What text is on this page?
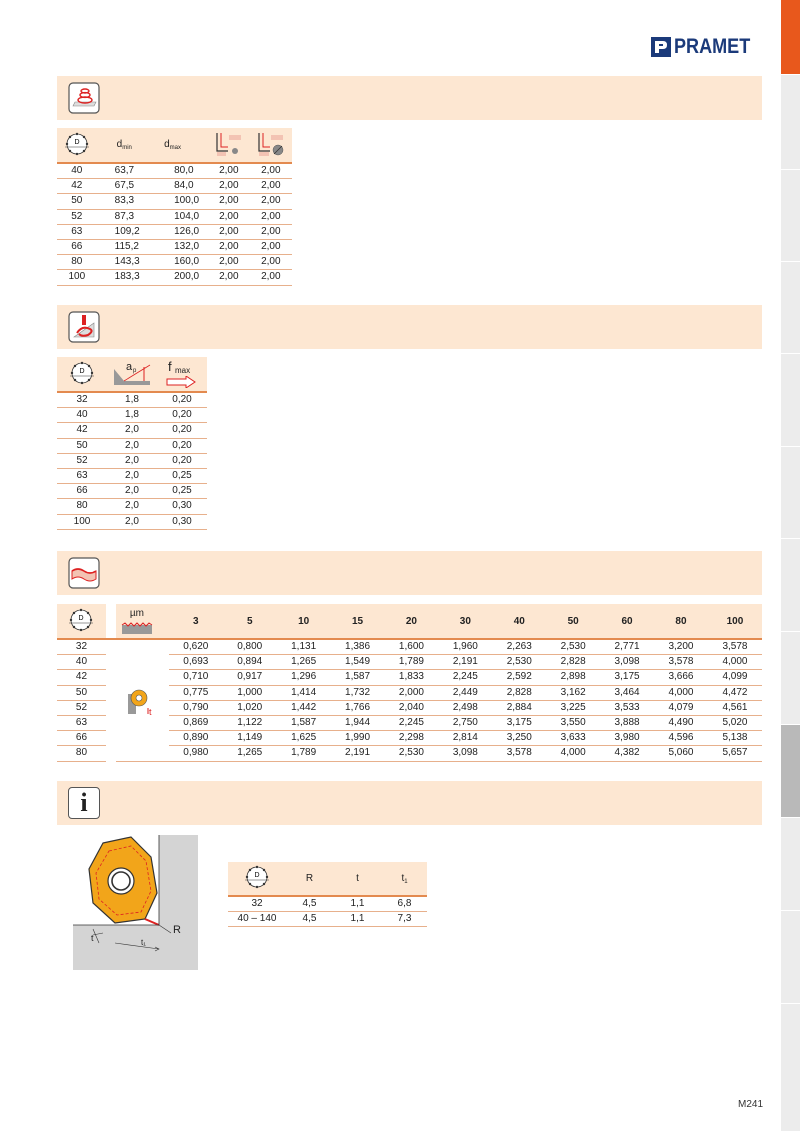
PRAMET
D	$d_{min}$	$d_{max}$		
40	63,7	80,0	2,00	2,00
42	67,5	84,0	2,00	2,00
50	83,3	100,0	2,00	2,00
52	87,3	104,0	2,00	2,00
63	109,2	126,0	2,00	2,00
66	115,2	132,0	2,00	2,00
80	143,3	160,0	2,00	2,00
100	183,3	200,0	2,00	2,00
D	a p	f max

32	1,8	0,20
40	1,8	0,20
42	2,0	0,20
50	2,0	0,20
52	2,0	0,20
63	2,0	0,25
66	2,0	0,25
80	2,0	0,30
100	2,0	0,30
D		µm	3	5	10	15	20	30	40	50	60	80	100
32			0,620	0,800	1,131	1,386	1,600	1,960	2,263	2,530	2,771	3,200	3,578
40			0,693	0,894	1,265	1,549	1,789	2,191	2,530	2,828	3,098	3,578	4,000
42			0,710	0,917	1,296	1,587	1,833	2,245	2,592	2,898	3,175	3,666	4,099
50			0,775	1,000	1,414	1,732	2,000	2,449	2,828	3,162	3,464	4,000	4,472
52			0,790	1,020	1,442	1,766	2,040	2,498	2,884	3,225	3,533	4,079	4,561
63			0,869	1,122	1,587	1,944	2,245	2,750	3,175	3,550	3,888	4,490	5,020
66			0,890	1,149	1,625	1,990	2,298	2,814	3,250	3,633	3,980	4,596	5,138
80			0,980	1,265	1,789	2,191	2,530	3,098	3,578	4,000	4,382	5,060	5,657
t
i
R
t	t₁
D	R	t	$t_1$
32	4,5	1,1	6,8
40 – 140	4,5	1,1	7,3
M241
